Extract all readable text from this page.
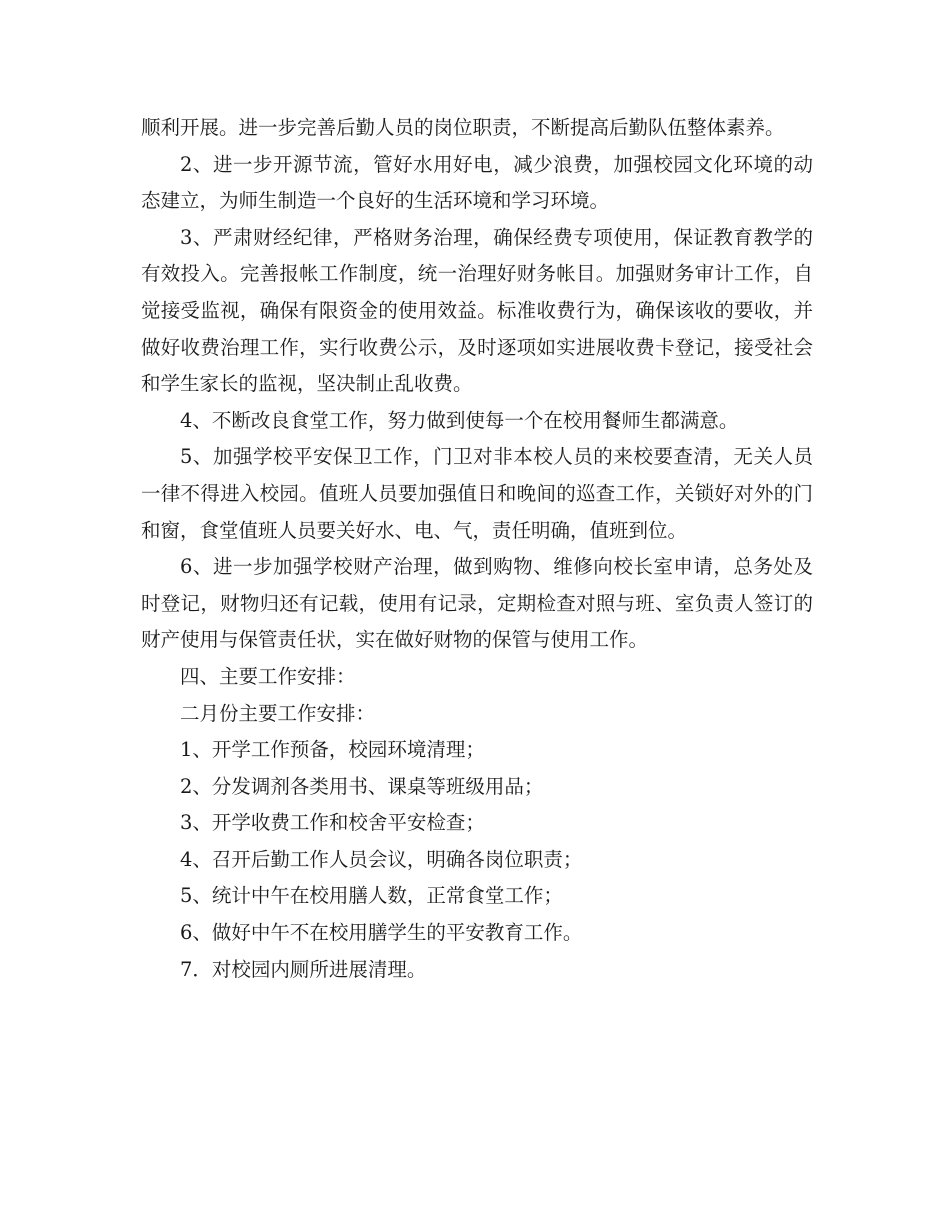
顺利开展。进一步完善后勤人员的岗位职责，不断提高后勤队伍整体素养。

2、进一步开源节流，管好水用好电，减少浪费，加强校园文化环境的动态建立，为师生制造一个良好的生活环境和学习环境。

3、严肃财经纪律，严格财务治理，确保经费专项使用，保证教育教学的有效投入。完善报帐工作制度，统一治理好财务帐目。加强财务审计工作，自觉接受监视，确保有限资金的使用效益。标准收费行为，确保该收的要收，并做好收费治理工作，实行收费公示，及时逐项如实进展收费卡登记，接受社会和学生家长的监视，坚决制止乱收费。

4、不断改良食堂工作，努力做到使每一个在校用餐师生都满意。

5、加强学校平安保卫工作，门卫对非本校人员的来校要查清，无关人员一律不得进入校园。值班人员要加强值日和晚间的巡查工作，关锁好对外的门和窗，食堂值班人员要关好水、电、气，责任明确，值班到位。

6、进一步加强学校财产治理，做到购物、维修向校长室申请，总务处及时登记，财物归还有记载，使用有记录，定期检查对照与班、室负责人签订的财产使用与保管责任状，实在做好财物的保管与使用工作。

四、主要工作安排：

二月份主要工作安排：

1、开学工作预备，校园环境清理；

2、分发调剂各类用书、课桌等班级用品；

3、开学收费工作和校舍平安检查；

4、召开后勤工作人员会议，明确各岗位职责；

5、统计中午在校用膳人数，正常食堂工作；

6、做好中午不在校用膳学生的平安教育工作。

7．对校园内厕所进展清理。
